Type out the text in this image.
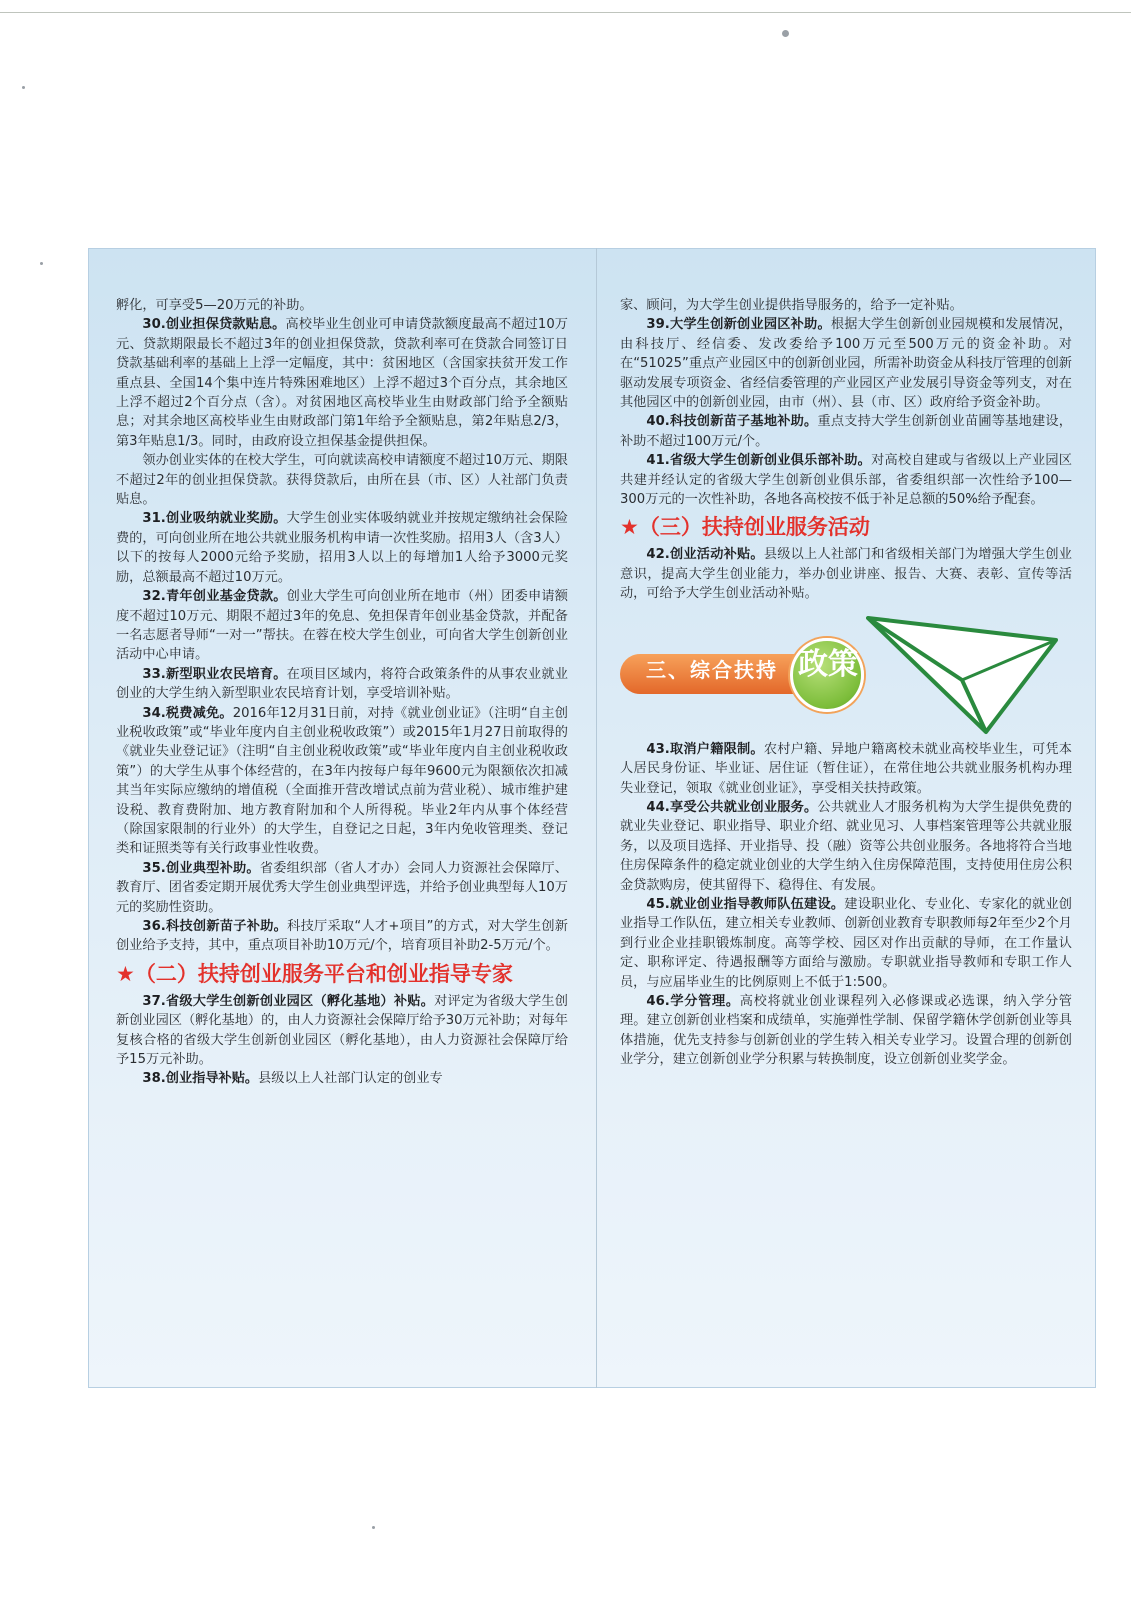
孵化，可享受5—20万元的补助。

30.创业担保贷款贴息。高校毕业生创业可申请贷款额度最高不超过10万元、贷款期限最长不超过3年的创业担保贷款，贷款利率可在贷款合同签订日贷款基础利率的基础上上浮一定幅度，其中：贫困地区（含国家扶贫开发工作重点县、全国14个集中连片特殊困难地区）上浮不超过3个百分点，其余地区上浮不超过2个百分点（含）。对贫困地区高校毕业生由财政部门给予全额贴息；对其余地区高校毕业生由财政部门第1年给予全额贴息，第2年贴息2/3，第3年贴息1/3。同时，由政府设立担保基金提供担保。

领办创业实体的在校大学生，可向就读高校申请额度不超过10万元、期限不超过2年的创业担保贷款。获得贷款后，由所在县（市、区）人社部门负责贴息。

31.创业吸纳就业奖励。大学生创业实体吸纳就业并按规定缴纳社会保险费的，可向创业所在地公共就业服务机构申请一次性奖励。招用3人（含3人）以下的按每人2000元给予奖励，招用3人以上的每增加1人给予3000元奖励，总额最高不超过10万元。

32.青年创业基金贷款。创业大学生可向创业所在地市（州）团委申请额度不超过10万元、期限不超过3年的免息、免担保青年创业基金贷款，并配备一名志愿者导师“一对一”帮扶。在蓉在校大学生创业，可向省大学生创新创业活动中心申请。

33.新型职业农民培育。在项目区域内，将符合政策条件的从事农业就业创业的大学生纳入新型职业农民培育计划，享受培训补贴。

34.税费减免。2016年12月31日前，对持《就业创业证》（注明“自主创业税收政策”或“毕业年度内自主创业税收政策”）或2015年1月27日前取得的《就业失业登记证》（注明“自主创业税收政策”或“毕业年度内自主创业税收政策”）的大学生从事个体经营的，在3年内按每户每年9600元为限额依次扣减其当年实际应缴纳的增值税（全面推开营改增试点前为营业税）、城市维护建设税、教育费附加、地方教育附加和个人所得税。毕业2年内从事个体经营（除国家限制的行业外）的大学生，自登记之日起，3年内免收管理类、登记类和证照类等有关行政事业性收费。

35.创业典型补助。省委组织部（省人才办）会同人力资源社会保障厅、教育厅、团省委定期开展优秀大学生创业典型评选，并给予创业典型每人10万元的奖励性资助。

36.科技创新苗子补助。科技厅采取“人才+项目”的方式，对大学生创新创业给予支持，其中，重点项目补助10万元/个，培育项目补助2-5万元/个。

★（二）扶持创业服务平台和创业指导专家

37.省级大学生创新创业园区（孵化基地）补贴。对评定为省级大学生创新创业园区（孵化基地）的，由人力资源社会保障厅给予30万元补助；对每年复核合格的省级大学生创新创业园区（孵化基地），由人力资源社会保障厅给予15万元补助。

38.创业指导补贴。县级以上人社部门认定的创业专

家、顾问，为大学生创业提供指导服务的，给予一定补贴。

39.大学生创新创业园区补助。根据大学生创新创业园规模和发展情况，由科技厅、经信委、发改委给予100万元至500万元的资金补助。对在“51025”重点产业园区中的创新创业园，所需补助资金从科技厅管理的创新驱动发展专项资金、省经信委管理的产业园区产业发展引导资金等列支，对在其他园区中的创新创业园，由市（州）、县（市、区）政府给予资金补助。

40.科技创新苗子基地补助。重点支持大学生创新创业苗圃等基地建设，补助不超过100万元/个。

41.省级大学生创新创业俱乐部补助。对高校自建或与省级以上产业园区共建并经认定的省级大学生创新创业俱乐部，省委组织部一次性给予100—300万元的一次性补助，各地各高校按不低于补足总额的50%给予配套。

★（三）扶持创业服务活动

42.创业活动补贴。县级以上人社部门和省级相关部门为增强大学生创业意识，提高大学生创业能力，举办创业讲座、报告、大赛、表彰、宣传等活动，可给予大学生创业活动补贴。

三、综合扶持 政策

43.取消户籍限制。农村户籍、异地户籍离校未就业高校毕业生，可凭本人居民身份证、毕业证、居住证（暂住证），在常住地公共就业服务机构办理失业登记，领取《就业创业证》，享受相关扶持政策。

44.享受公共就业创业服务。公共就业人才服务机构为大学生提供免费的就业失业登记、职业指导、职业介绍、就业见习、人事档案管理等公共就业服务，以及项目选择、开业指导、投（融）资等公共创业服务。各地将符合当地住房保障条件的稳定就业创业的大学生纳入住房保障范围，支持使用住房公积金贷款购房，使其留得下、稳得住、有发展。

45.就业创业指导教师队伍建设。建设职业化、专业化、专家化的就业创业指导工作队伍，建立相关专业教师、创新创业教育专职教师每2年至少2个月到行业企业挂职锻炼制度。高等学校、园区对作出贡献的导师，在工作量认定、职称评定、待遇报酬等方面给与激励。专职就业指导教师和专职工作人员，与应届毕业生的比例原则上不低于1:500。

46.学分管理。高校将就业创业课程列入必修课或必选课，纳入学分管理。建立创新创业档案和成绩单，实施弹性学制、保留学籍休学创新创业等具体措施，优先支持参与创新创业的学生转入相关专业学习。设置合理的创新创业学分，建立创新创业学分积累与转换制度，设立创新创业奖学金。
